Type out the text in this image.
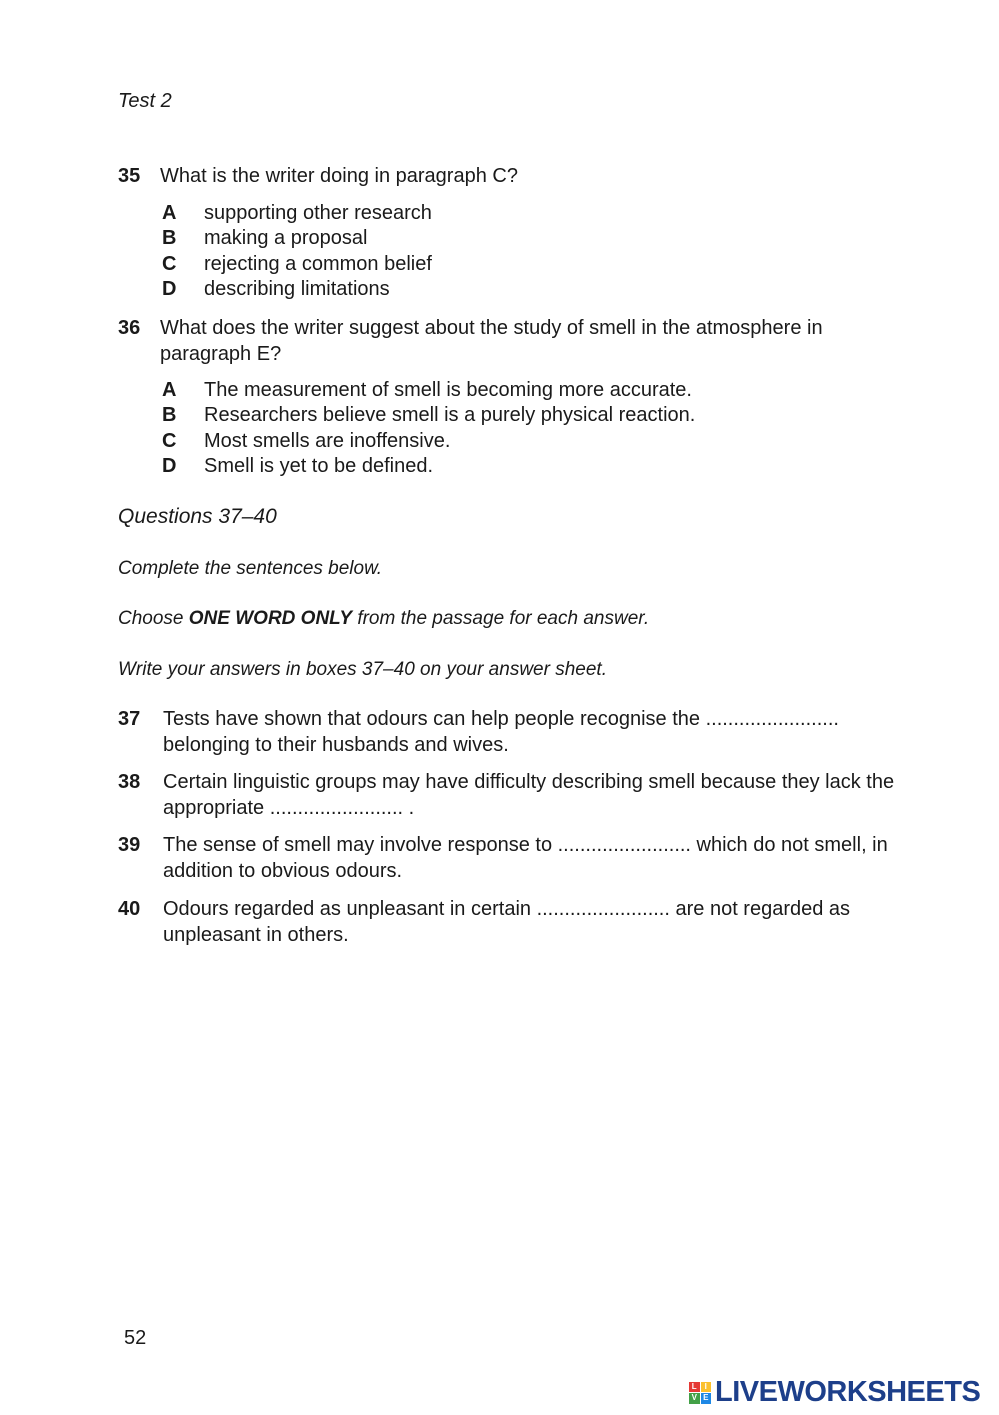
Test 2
35 What is the writer doing in paragraph C?
A supporting other research
B making a proposal
C rejecting a common belief
D describing limitations
36 What does the writer suggest about the study of smell in the atmosphere in paragraph E?
A The measurement of smell is becoming more accurate.
B Researchers believe smell is a purely physical reaction.
C Most smells are inoffensive.
D Smell is yet to be defined.
Questions 37–40
Complete the sentences below.
Choose ONE WORD ONLY from the passage for each answer.
Write your answers in boxes 37–40 on your answer sheet.
37 Tests have shown that odours can help people recognise the ........................ belonging to their husbands and wives.
38 Certain linguistic groups may have difficulty describing smell because they lack the appropriate ........................ .
39 The sense of smell may involve response to ........................ which do not smell, in addition to obvious odours.
40 Odours regarded as unpleasant in certain ........................ are not regarded as unpleasant in others.
52
L I
V E LIVEWORKSHEETS
